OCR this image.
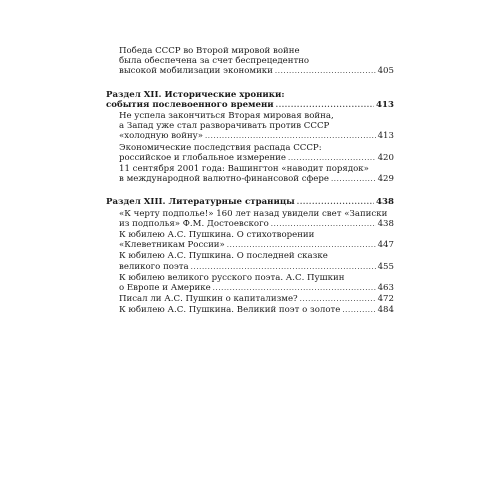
Победа СССР во Второй мировой войне
была обеспечена за счет беспрецедентно
высокой мобилизации экономики .....	405
Раздел XII. Исторические хроники:
события послевоенного времени .....	413
Не успела закончиться Вторая мировая война,
а Запад уже стал разворачивать против СССР
«холодную войну» .....	413
Экономические последствия распада СССР:
российское и глобальное измерение .....	420
11 сентября 2001 года: Вашингтон «наводит порядок»
в международной валютно-финансовой сфере .....	429
Раздел XIII. Литературные страницы .....	438
«К черту подполье!» 160 лет назад увидели свет «Записки
из подполья» Ф.М. Достоевского .....	438
К юбилею А.С. Пушкина. О стихотворении
«Клеветникам России» .....	447
К юбилею А.С. Пушкина. О последней сказке
великого поэта .....	455
К юбилею великого русского поэта. А.С. Пушкин
о Европе и Америке .....	463
Писал ли А.С. Пушкин о капитализме? .....	472
К юбилею А.С. Пушкина. Великий поэт о золоте .....	484
